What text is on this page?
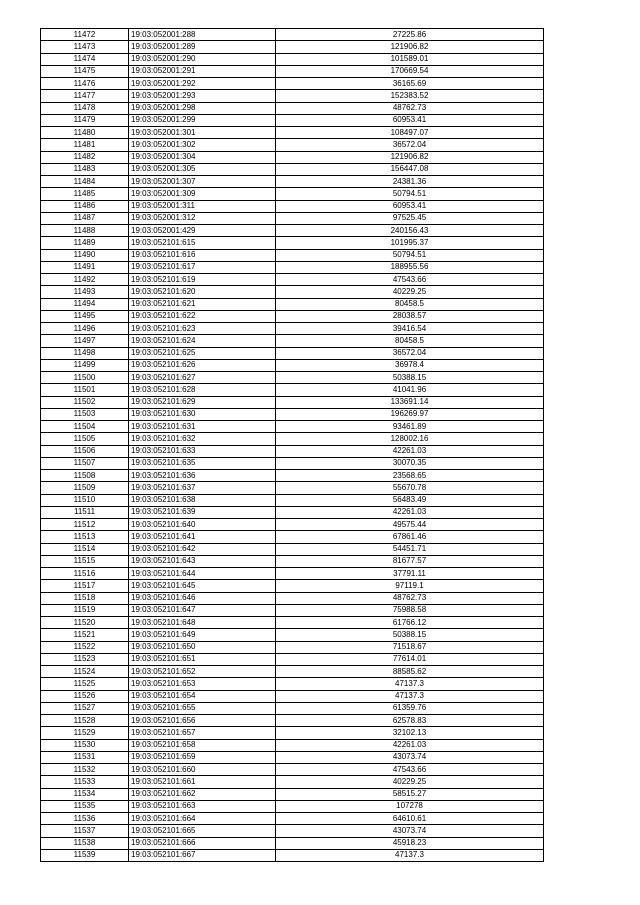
11472	19:03:052001:288	27225.86
11473	19:03:052001:289	121906.82
11474	19:03:052001:290	101589.01
11475	19:03:052001:291	170669.54
11476	19:03:052001:292	36165.69
11477	19:03:052001:293	152383.52
11478	19:03:052001:298	48762.73
11479	19:03:052001:299	60953.41
11480	19:03:052001:301	108497.07
11481	19:03:052001:302	36572.04
11482	19:03:052001:304	121906.82
11483	19:03:052001:305	156447.08
11484	19:03:052001:307	24381.36
11485	19:03:052001:309	50794.51
11486	19:03:052001:311	60953.41
11487	19:03:052001:312	97525.45
11488	19:03:052001:429	240156.43
11489	19:03:052101:615	101995.37
11490	19:03:052101:616	50794.51
11491	19:03:052101:617	188955.56
11492	19:03:052101:619	47543.66
11493	19:03:052101:620	40229.25
11494	19:03:052101:621	80458.5
11495	19:03:052101:622	28038.57
11496	19:03:052101:623	39416.54
11497	19:03:052101:624	80458.5
11498	19:03:052101:625	36572.04
11499	19:03:052101:626	36978.4
11500	19:03:052101:627	50388.15
11501	19:03:052101:628	41041.96
11502	19:03:052101:629	133691.14
11503	19:03:052101:630	196269.97
11504	19:03:052101:631	93461.89
11505	19:03:052101:632	128002.16
11506	19:03:052101:633	42261.03
11507	19:03:052101:635	30070.35
11508	19:03:052101:636	23568.65
11509	19:03:052101:637	55670.78
11510	19:03:052101:638	56483.49
11511	19:03:052101:639	42261.03
11512	19:03:052101:640	49575.44
11513	19:03:052101:641	67861.46
11514	19:03:052101:642	54451.71
11515	19:03:052101:643	81677.57
11516	19:03:052101:644	37791.11
11517	19:03:052101:645	97119.1
11518	19:03:052101:646	48762.73
11519	19:03:052101:647	75988.58
11520	19:03:052101:648	61766.12
11521	19:03:052101:649	50388.15
11522	19:03:052101:650	71518.67
11523	19:03:052101:651	77614.01
11524	19:03:052101:652	88585.62
11525	19:03:052101:653	47137.3
11526	19:03:052101:654	47137.3
11527	19:03:052101:655	61359.76
11528	19:03:052101:656	62578.83
11529	19:03:052101:657	32102.13
11530	19:03:052101:658	42261.03
11531	19:03:052101:659	43073.74
11532	19:03:052101:660	47543.66
11533	19:03:052101:661	40229.25
11534	19:03:052101:662	58515.27
11535	19:03:052101:663	107278
11536	19:03:052101:664	64610.61
11537	19:03:052101:665	43073.74
11538	19:03:052101:666	45918.23
11539	19:03:052101:667	47137.3
